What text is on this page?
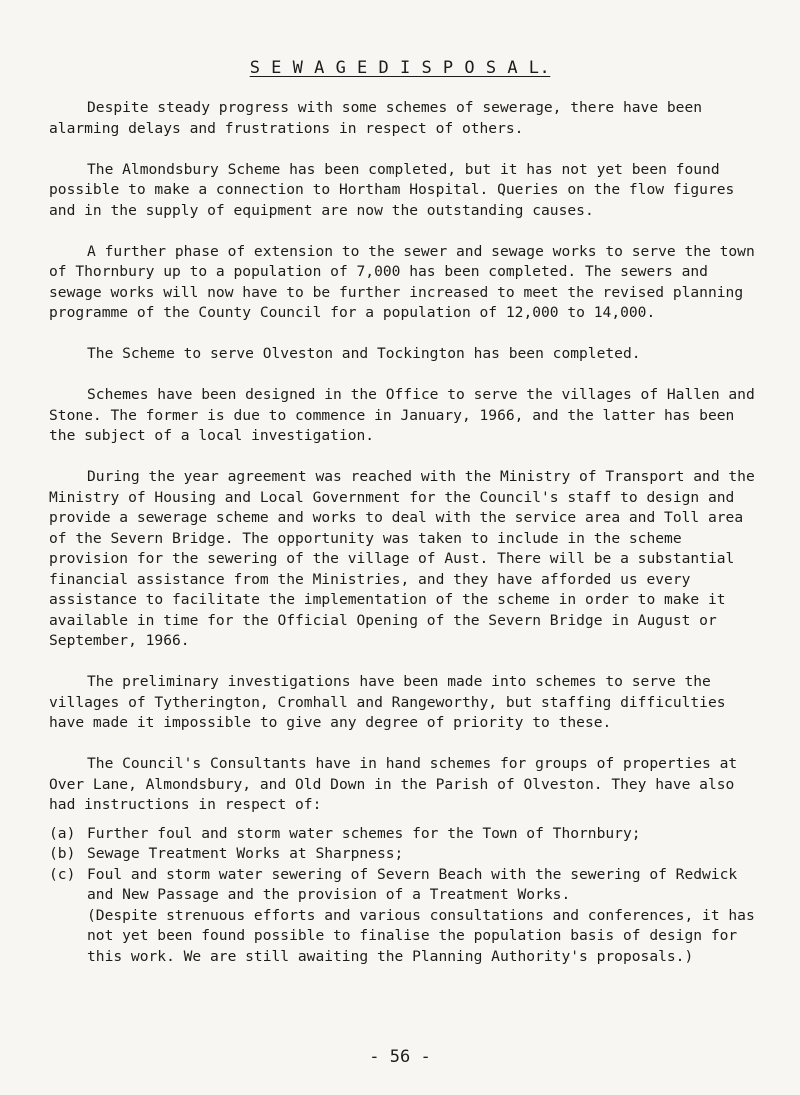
S E W A G E D I S P O S A L.

Despite steady progress with some schemes of sewerage, there have been alarming delays and frustrations in respect of others.

The Almondsbury Scheme has been completed, but it has not yet been found possible to make a connection to Hortham Hospital. Queries on the flow figures and in the supply of equipment are now the outstanding causes.

A further phase of extension to the sewer and sewage works to serve the town of Thornbury up to a population of 7,000 has been completed. The sewers and sewage works will now have to be further increased to meet the revised planning programme of the County Council for a population of 12,000 to 14,000.

The Scheme to serve Olveston and Tockington has been completed.

Schemes have been designed in the Office to serve the villages of Hallen and Stone. The former is due to commence in January, 1966, and the latter has been the subject of a local investigation.

During the year agreement was reached with the Ministry of Transport and the Ministry of Housing and Local Government for the Council's staff to design and provide a sewerage scheme and works to deal with the service area and Toll area of the Severn Bridge. The opportunity was taken to include in the scheme provision for the sewering of the village of Aust. There will be a substantial financial assistance from the Ministries, and they have afforded us every assistance to facilitate the implementation of the scheme in order to make it available in time for the Official Opening of the Severn Bridge in August or September, 1966.

The preliminary investigations have been made into schemes to serve the villages of Tytherington, Cromhall and Rangeworthy, but staffing difficulties have made it impossible to give any degree of priority to these.

The Council's Consultants have in hand schemes for groups of properties at Over Lane, Almondsbury, and Old Down in the Parish of Olveston. They have also had instructions in respect of:

(a) Further foul and storm water schemes for the Town of Thornbury;
(b) Sewage Treatment Works at Sharpness;
(c) Foul and storm water sewering of Severn Beach with the sewering of Redwick and New Passage and the provision of a Treatment Works.

(Despite strenuous efforts and various consultations and conferences, it has not yet been found possible to finalise the population basis of design for this work. We are still awaiting the Planning Authority's proposals.)

- 56 -
